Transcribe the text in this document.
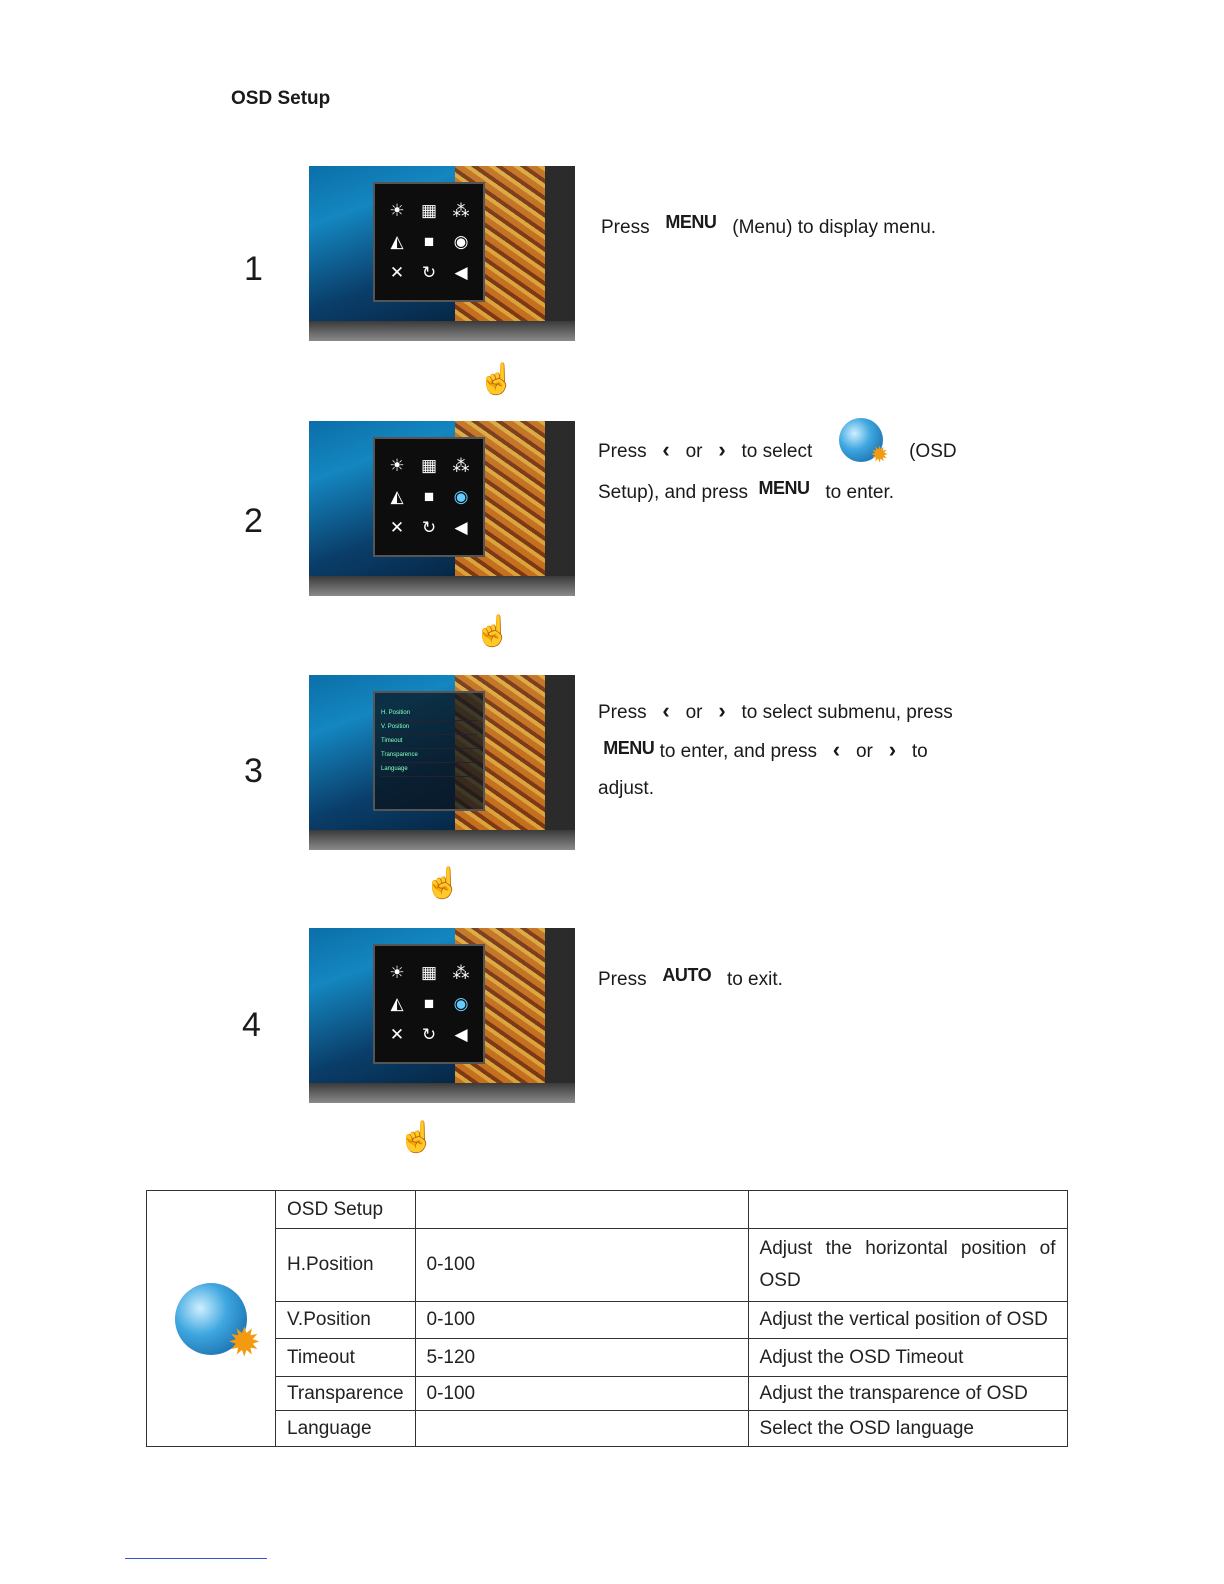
OSD Setup
1
☀ ▦ ⁂
◭	■	◉
✕	↻	◀
☝
Press MENU (Menu) to display menu.
2
☀ ▦ ⁂
◭	■	◉
✕	↻	◀
☝
Press ‹ or › to select	✹ (OSD
Setup), and press MENU to enter.
3
H. Position
V. Position
Timeout
Transparence
Language
☝
Press ‹ or › to select submenu, press
MENU to enter, and press ‹ or › to
adjust.
4
☀ ▦ ⁂
◭	■	◉
✕	↻	◀
☝
Press AUTO to exit.
✹	OSD Setup		
	H.Position	0-100	Adjust the horizontal position of OSD
	V.Position	0-100	Adjust the vertical position of OSD
	Timeout	5-120	Adjust the OSD Timeout
	Transparence	0-100	Adjust the transparence of OSD
	Language		Select the OSD language
